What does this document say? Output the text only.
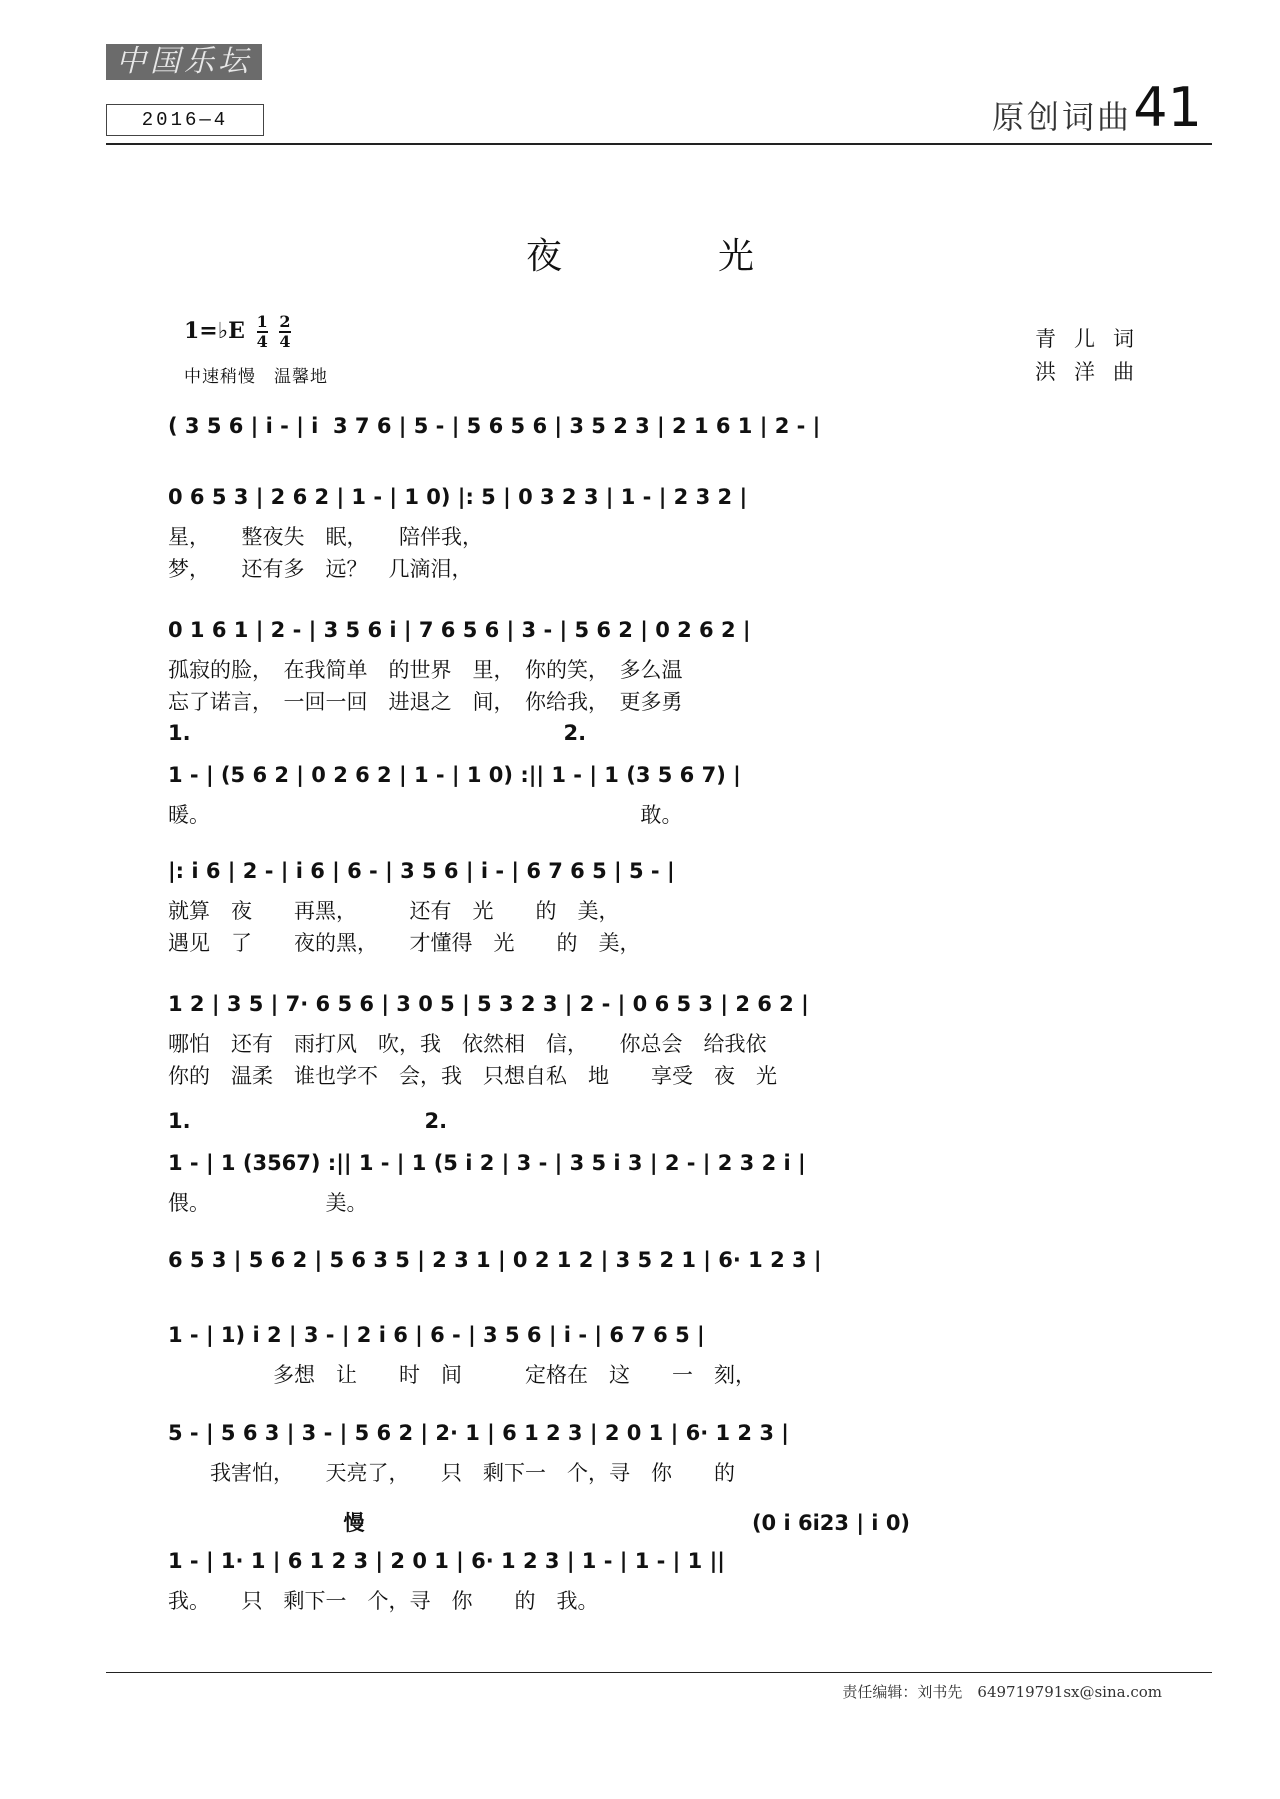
中国乐坛
2016—4	原创词曲 41
夜　光
1=♭E $\frac{1}{4}$
$\frac{2}{4}$
中速稍慢　温馨地
青儿词
洪洋曲
( 3 5 6 | i - | i  3 7 6 | 5 - | 5 6 5 6 | 3 5 2 3 | 2 1 6 1 | 2 - |
0 6 5 3 | 2 6 2 | 1 - | 1 0) |: 5 | 0 3 2 3 | 1 - | 2 3 2 |
星，　　整夜失　眠，　　陪伴我，
梦，　　还有多　远？　几滴泪，
0 1 6 1 | 2 - | 3 5 6 i | 7 6 5 6 | 3 - | 5 6 2 | 0 2 6 2 |
孤寂的脸，　在我简单　的世界　里，　你的笑，　多么温
忘了诺言，　一回一回　进退之　间，　你给我，　更多勇
1.                                                   2.
1 - | (5 6 2 | 0 2 6 2 | 1 - | 1 0) :|| 1 - | 1 (3 5 6 7) |
暖。　　　　　　　　　　　　　　　　　　　　　敢。
|: i 6 | 2 - | i 6 | 6 - | 3 5 6 | i - | 6 7 6 5 | 5 - |
就算　夜　　再黑，　　　还有　光　　的　美，
遇见　了　　夜的黑，　　才懂得　光　　的　美，
1 2 | 3 5 | 7· 6 5 6 | 3 0 5 | 5 3 2 3 | 2 - | 0 6 5 3 | 2 6 2 |
哪怕　还有　雨打风　吹，我　依然相　信，　　你总会　给我依
你的　温柔　谁也学不　会，我　只想自私　地　　享受　夜　光
1.                                2.
1 - | 1 (3567) :|| 1 - | 1 (5 i 2 | 3 - | 3 5 i 3 | 2 - | 2 3 2 i |
偎。　　　　　　美。
6 5 3 | 5 6 2 | 5 6 3 5 | 2 3 1 | 0 2 1 2 | 3 5 2 1 | 6· 1 2 3 |
1 - | 1) i 2 | 3 - | 2 i 6 | 6 - | 3 5 6 | i - | 6 7 6 5 |
　　　　　多想　让　　时　间　　　定格在　这　　一　刻，
5 - | 5 6 3 | 3 - | 5 6 2 | 2· 1 | 6 1 2 3 | 2 0 1 | 6· 1 2 3 |
　　我害怕，　　天亮了，　　只　剩下一　个，寻　你　　的
慢                                                     (0 i 6i23 | i 0)
1 - | 1· 1 | 6 1 2 3 | 2 0 1 | 6· 1 2 3 | 1 - | 1 - | 1 ||
我。　　只　剩下一　个，寻　你　　的　我。
责任编辑：刘书先　649719791sx@sina.com
